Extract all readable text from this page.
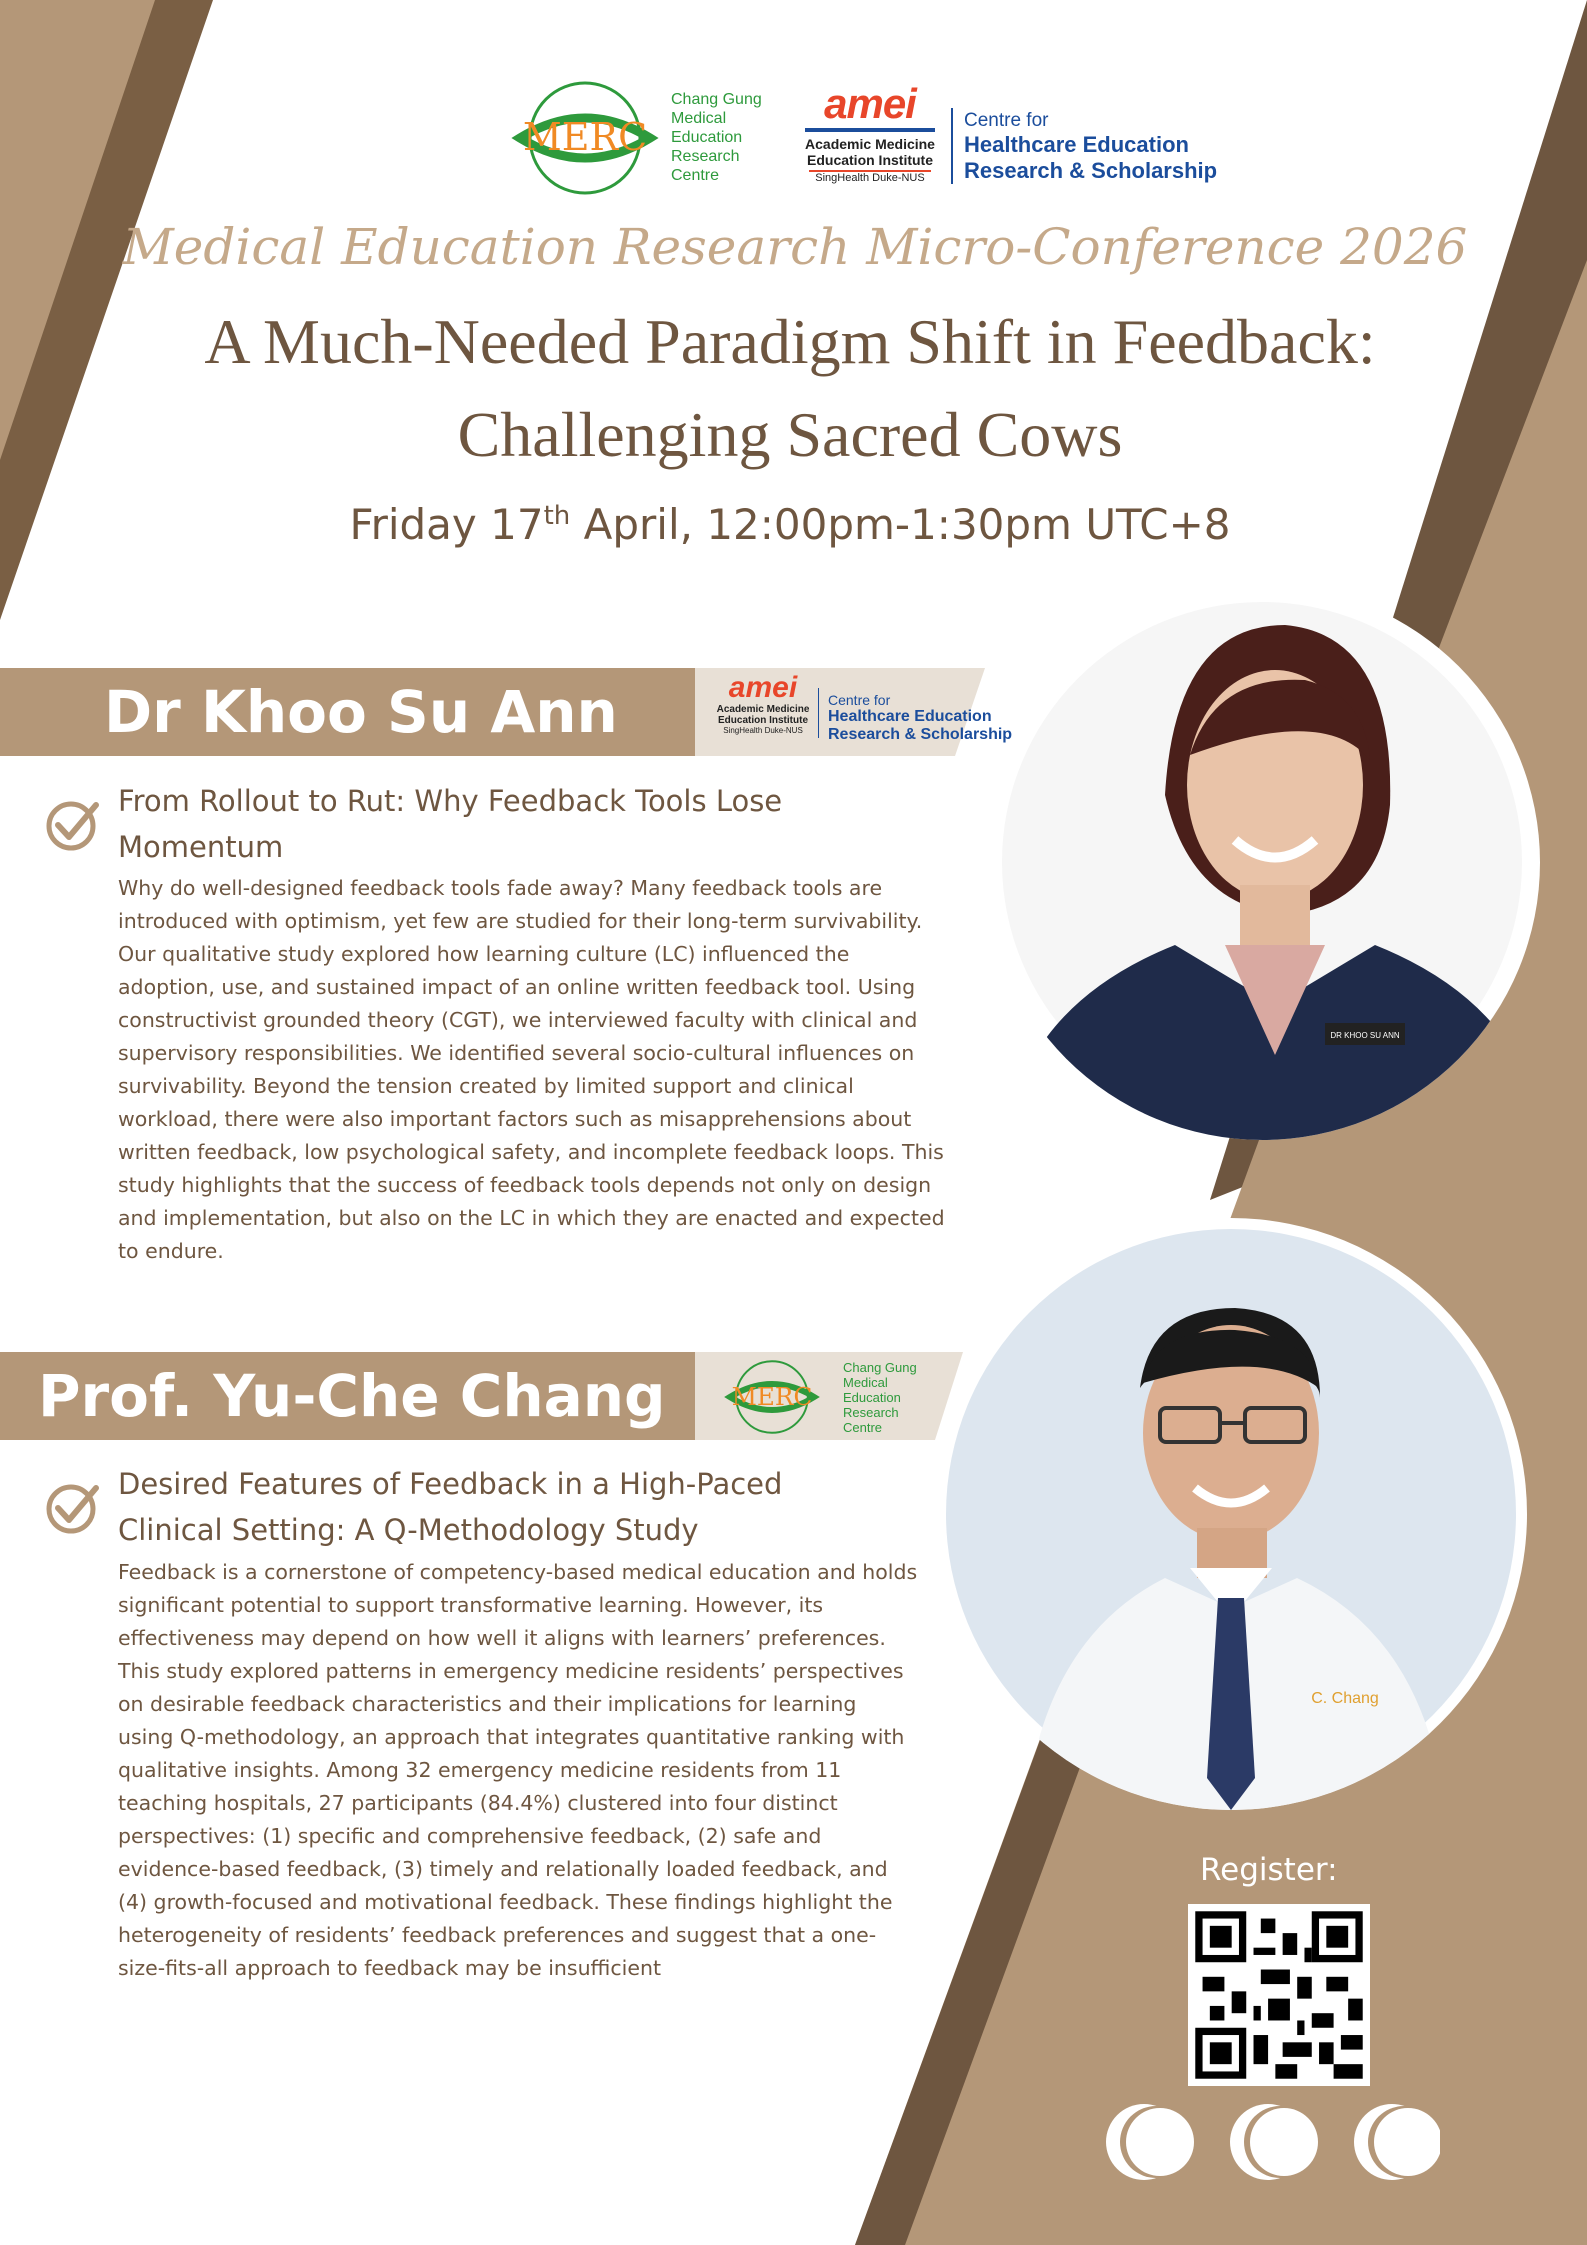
MERC
Chang Gung
Medical
Education
Research
Centre
amei
Academic Medicine
Education Institute
SingHealth Duke-NUS
Centre for
Healthcare Education
Research & Scholarship
Medical Education Research Micro-Conference 2026
A Much-Needed Paradigm Shift in Feedback:
Challenging Sacred Cows
Friday 17th April, 12:00pm-1:30pm UTC+8
Dr Khoo Su Ann	amei
Academic Medicine
Education Institute
SingHealth Duke-NUS
Centre for
Healthcare Education
Research & Scholarship
DR KHOO SU ANN
From Rollout to Rut: Why Feedback Tools Lose Momentum
Why do well-designed feedback tools fade away? Many feedback tools are introduced with optimism, yet few are studied for their long-term survivability. Our qualitative study explored how learning culture (LC) influenced the adoption, use, and sustained impact of an online written feedback tool. Using constructivist grounded theory (CGT), we interviewed faculty with clinical and supervisory responsibilities. We identified several socio-cultural influences on survivability. Beyond the tension created by limited support and clinical workload, there were also important factors such as misapprehensions about written feedback, low psychological safety, and incomplete feedback loops. This study highlights that the success of feedback tools depends not only on design and implementation, but also on the LC in which they are enacted and expected to endure.
Prof. Yu-Che Chang MERC
Chang Gung
Medical
Education
Research
Centre
C. Chang
Desired Features of Feedback in a High-Paced Clinical Setting: A Q-Methodology Study
Feedback is a cornerstone of competency-based medical education and holds significant potential to support transformative learning. However, its effectiveness may depend on how well it aligns with learners’ preferences. This study explored patterns in emergency medicine residents’ perspectives on desirable feedback characteristics and their implications for learning using Q-methodology, an approach that integrates quantitative ranking with qualitative insights. Among 32 emergency medicine residents from 11 teaching hospitals, 27 participants (84.4%) clustered into four distinct perspectives: (1) specific and comprehensive feedback, (2) safe and evidence-based feedback, (3) timely and relationally loaded feedback, and (4) growth-focused and motivational feedback. These findings highlight the heterogeneity of residents’ feedback preferences and suggest that a one-size-fits-all approach to feedback may be insufficient
Register:
